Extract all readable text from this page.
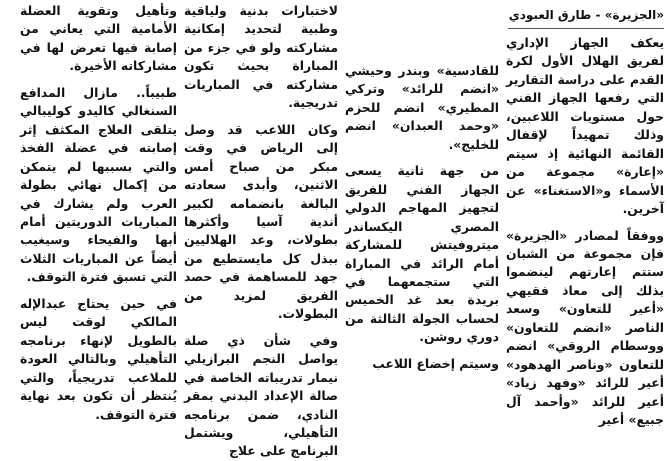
«الجزيرة» - طارق العبودي

يعكف الجهاز الإداري لفريق الهلال الأول لكرة القدم على دراسة التقارير التي رفعها الجهاز الفني حول مستويات اللاعبين، وذلك تمهيداً لإقفال القائمة النهائية إذ سيتم «إعارة» مجموعة من الأسماء و«الاستغناء» عن آخرين.

ووفقاً لمصادر «الجزيرة» فإن مجموعة من الشبان ستتم إعارتهم لينضموا بذلك إلى معاذ فقيهي «أعير للتعاون» وسعد الناصر «انضم للتعاون» ووسطام الروقي» انضم للتعاون «وناصر الهدهود» أعير للرائد «وفهد زياد» أعير للرائد «وأحمد آل جبيع» أعير

للقادسية» وبندر وحيشي «انضم للرائد» وتركي المطيري» انضم للحزم «وحمد العبدان» انضم للخليج».

من جهة ثانية يسعى الجهاز الفني للفريق لتجهيز المهاجم الدولي المصري اليكساندر ميتروفيتش للمشاركة أمام الرائد في المباراة التي ستجمعهما في بريدة بعد غد الخميس لحساب الجولة الثالثة من دوري روشن.

وسيتم إخضاع اللاعب

لاختبارات بدنية ولياقية وطبية لتحديد إمكانية مشاركته ولو في جزء من المباراة بحيث تكون مشاركته في المباريات تدريجية.

وكان اللاعب قد وصل إلى الرياض في وقت مبكر من صباح أمس الاثنين، وأبدى سعادته البالغة بانضمامه لكبير أندية آسيا وأكثرها بطولات، وعد الهلاليين ببذل كل مايستطيع من جهد للمساهمة في حصد الفريق لمزيد من البطولات.

وفي شأن ذي صلة يواصل النجم البرازيلي نيمار تدريباته الخاصة في صالة الإعداد البدني بمقر النادي، ضمن برنامجه التأهيلي، ويشتمل البرنامج على علاج

وتأهيل وتقوية العضلة الأمامية التي يعاني من إصابة فيها تعرض لها في مشاركاته الأخيرة.

طبيباً.. مازال المدافع السنغالي كاليدو كوليبالي يتلقى العلاج المكثف إثر إصابته في عضلة الفخذ والتي بسببها لم يتمكن من إكمال نهائي بطولة العرب ولم يشارك في المباريات الدوريتين أمام أبها والفيحاء وسيغيب أيضاً عن المباريات الثلاث التي تسبق فترة التوقف.

في حين يحتاج عبدالإله المالكي لوقت ليس بالطويل لإنهاء برنامجه التأهيلي وبالتالي العودة للملاعب تدريجياً، والتي يُنتظر أن تكون بعد نهاية فترة التوقف.
